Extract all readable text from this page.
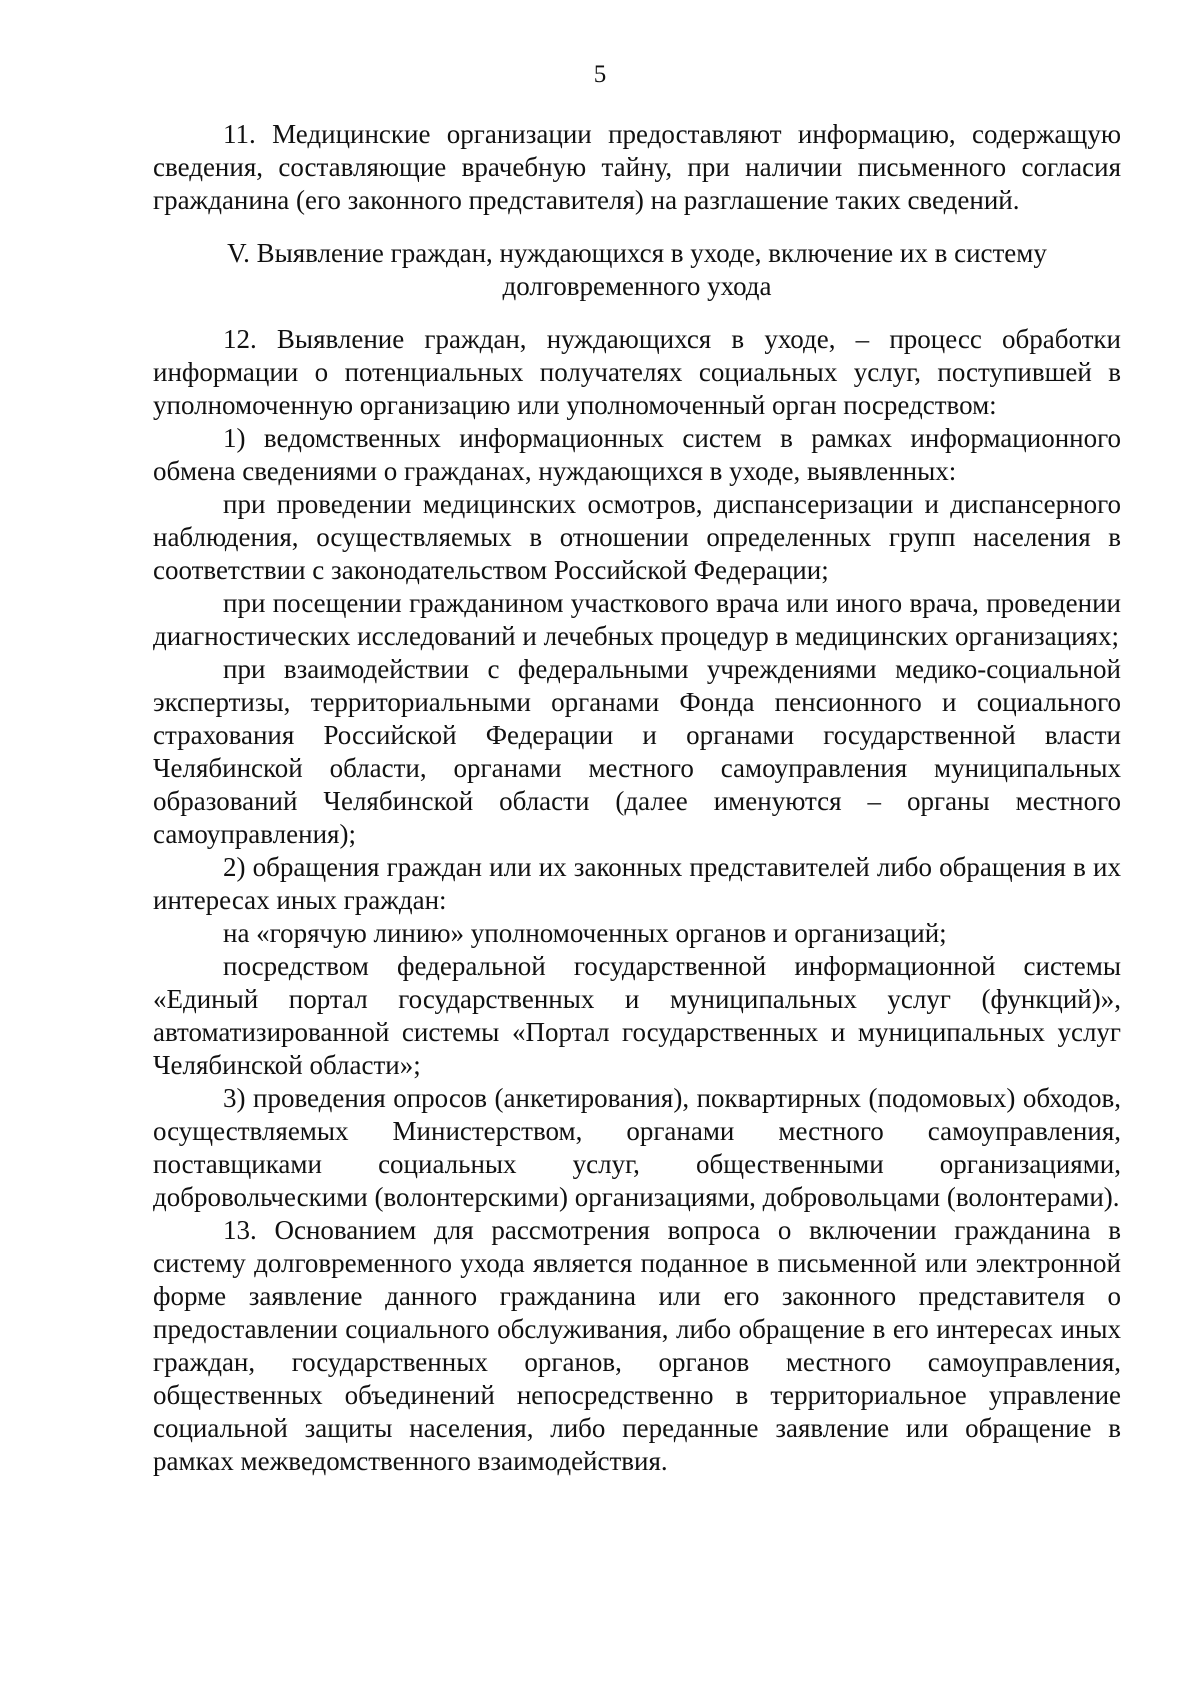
5

11. Медицинские организации предоставляют информацию, содержащую сведения, составляющие врачебную тайну, при наличии письменного согласия гражданина (его законного представителя) на разглашение таких сведений.

V. Выявление граждан, нуждающихся в уходе, включение их в систему
долговременного ухода

12. Выявление граждан, нуждающихся в уходе, – процесс обработки информации о потенциальных получателях социальных услуг, поступившей в уполномоченную организацию или уполномоченный орган посредством:

1) ведомственных информационных систем в рамках информационного обмена сведениями о гражданах, нуждающихся в уходе, выявленных:

при проведении медицинских осмотров, диспансеризации и диспансерного наблюдения, осуществляемых в отношении определенных групп населения в соответствии с законодательством Российской Федерации;

при посещении гражданином участкового врача или иного врача, проведении диагностических исследований и лечебных процедур в медицинских организациях;

при взаимодействии с федеральными учреждениями медико-социальной экспертизы, территориальными органами Фонда пенсионного и социального страхования Российской Федерации и органами государственной власти Челябинской области, органами местного самоуправления муниципальных образований Челябинской области (далее именуются – органы местного самоуправления);

2) обращения граждан или их законных представителей либо обращения в их интересах иных граждан:

на «горячую линию» уполномоченных органов и организаций;

посредством федеральной государственной информационной системы «Единый портал государственных и муниципальных услуг (функций)», автоматизированной системы «Портал государственных и муниципальных услуг Челябинской области»;

3) проведения опросов (анкетирования), поквартирных (подомовых) обходов, осуществляемых Министерством, органами местного самоуправления, поставщиками социальных услуг, общественными организациями, добровольческими (волонтерскими) организациями, добровольцами (волонтерами).

13. Основанием для рассмотрения вопроса о включении гражданина в систему долговременного ухода является поданное в письменной или электронной форме заявление данного гражданина или его законного представителя о предоставлении социального обслуживания, либо обращение в его интересах иных граждан, государственных органов, органов местного самоуправления, общественных объединений непосредственно в территориальное управление социальной защиты населения, либо переданные заявление или обращение в рамках межведомственного взаимодействия.
